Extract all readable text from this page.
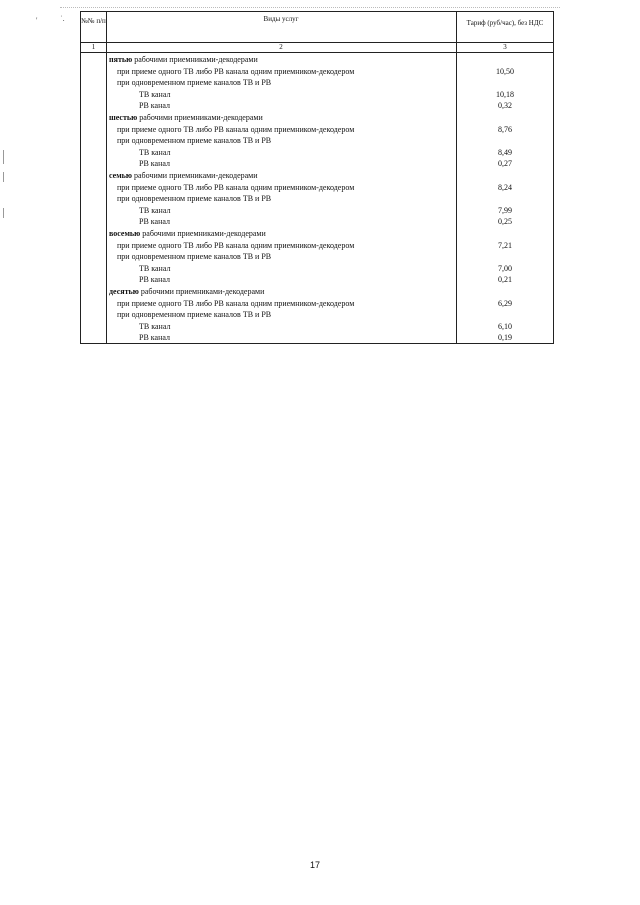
'	˙. №№ п/п	Виды услуг	Тариф (руб/час), без НДС
1	2	3
пятью рабочими приемниками-декодерами
при приеме одного ТВ либо РВ канала одним приемником-декодером	10,50
при одновременном приеме каналов ТВ и РВ
ТВ канал	10,18
РВ канал	0,32
шестью рабочими приемниками-декодерами
при приеме одного ТВ либо РВ канала одним приемником-декодером	8,76
при одновременном приеме каналов ТВ и РВ
ТВ канал	8,49
РВ канал	0,27
семью рабочими приемниками-декодерами
при приеме одного ТВ либо РВ канала одним приемником-декодером	8,24
при одновременном приеме каналов ТВ и РВ
ТВ канал	7,99
РВ канал	0,25
восемью рабочими приемниками-декодерами
при приеме одного ТВ либо РВ канала одним приемником-декодером	7,21
при одновременном приеме каналов ТВ и РВ
ТВ канал	7,00
РВ канал	0,21
десятью рабочими приемниками-декодерами
при приеме одного ТВ либо РВ канала одним приемником-декодером	6,29
при одновременном приеме каналов ТВ и РВ
ТВ канал	6,10
РВ канал	0,19
17
